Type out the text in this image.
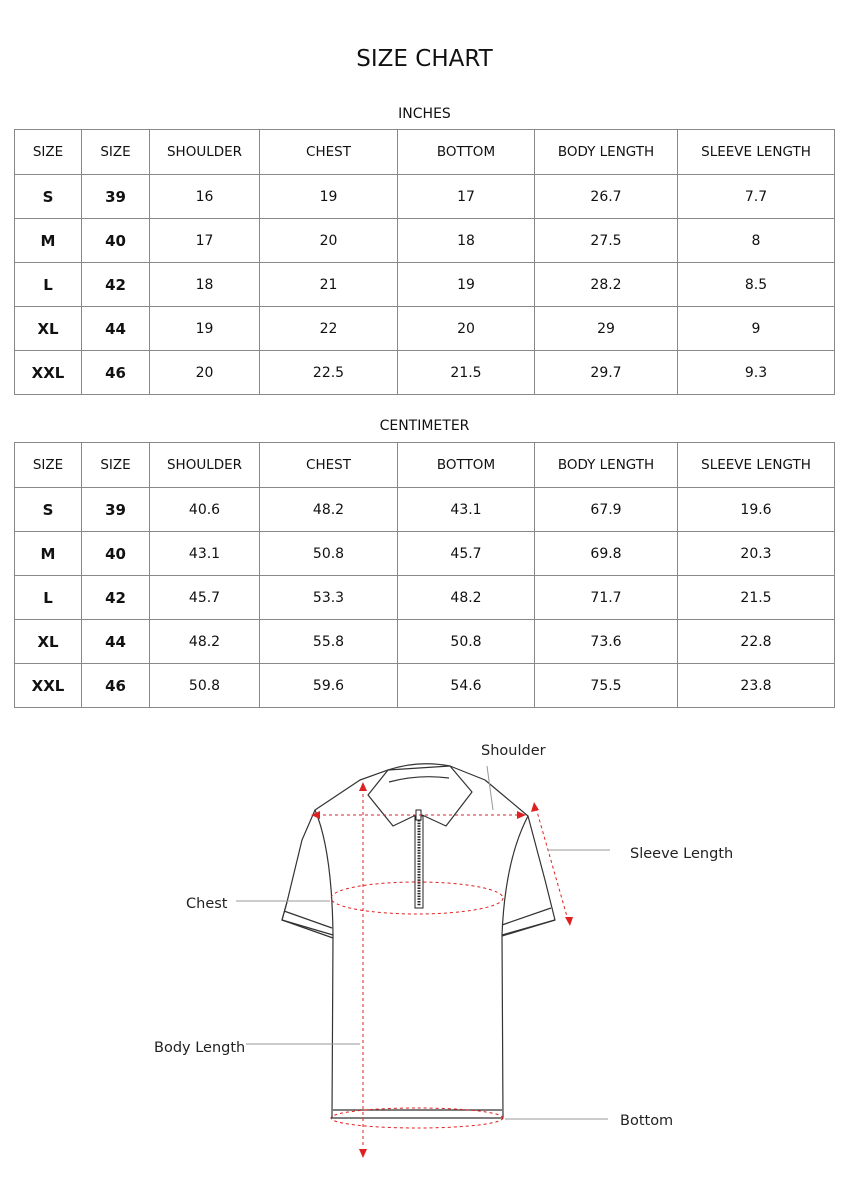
SIZE CHART
INCHES
SIZE	SIZE	SHOULDER	CHEST	BOTTOM	BODY LENGTH	SLEEVE LENGTH
S	39	16	19	17	26.7	7.7
M	40	17	20	18	27.5	8
L	42	18	21	19	28.2	8.5
XL	44	19	22	20	29	9
XXL	46	20	22.5	21.5	29.7	9.3
CENTIMETER
SIZE	SIZE	SHOULDER	CHEST	BOTTOM	BODY LENGTH	SLEEVE LENGTH
S	39	40.6	48.2	43.1	67.9	19.6
M	40	43.1	50.8	45.7	69.8	20.3
L	42	45.7	53.3	48.2	71.7	21.5
XL	44	48.2	55.8	50.8	73.6	22.8
XXL	46	50.8	59.6	54.6	75.5	23.8
Shoulder
Sleeve Length
Chest
Body Length
Bottom
